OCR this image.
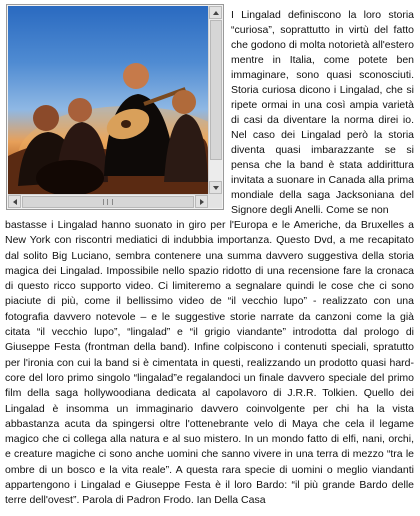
I Lingalad definiscono la loro storia “curiosa”, soprattutto in virtù del fatto che godono di molta notorietà all'estero mentre in Italia, come potete ben immaginare, sono quasi sconosciuti. Storia curiosa dicono i Lingalad, che si ripete ormai in una così ampia varietà di casi da diventare la norma direi io. Nel caso dei Lingalad però la storia diventa quasi imbarazzante se si pensa che la band è stata addirittura invitata a suonare in Canada alla prima mondiale della saga Jacksoniana del Signore degli Anelli. Come se non

bastasse i Lingalad hanno suonato in giro per l'Europa e le Americhe, da Bruxelles a New York con riscontri mediatici di indubbia importanza. Questo Dvd, a me recapitato dal solito Big Luciano, sembra contenere una summa davvero suggestiva della storia magica dei Lingalad. Impossibile nello spazio ridotto di una recensione fare la cronaca di questo ricco supporto video. Ci limiteremo a segnalare quindi le cose che ci sono piaciute di più, come il bellissimo video de “il vecchio lupo” - realizzato con una fotografia davvero notevole – e le suggestive storie narrate da canzoni come la già citata “il vecchio lupo”, “lingalad” e “il grigio viandante” introdotta dal prologo di Giuseppe Festa (frontman della band). Infine colpiscono i contenuti speciali, spratutto per l'ironia con cui la band si è cimentata in questi, realizzando un prodotto quasi hard-core del loro primo singolo “lingalad”e regalandoci un finale davvero speciale del primo film della saga hollywoodiana dedicata al capolavoro di J.R.R. Tolkien. Quello dei Lingalad è insomma un immaginario davvero coinvolgente per chi ha la vista abbastanza acuta da spingersi oltre l'ottenebrante velo di Maya che cela il legame magico che ci collega alla natura e al suo mistero. In un mondo fatto di elfi, nani, orchi, e creature magiche ci sono anche uomini che sanno vivere in una terra di mezzo “tra le ombre di un bosco e la vita reale”. A questa rara specie di uomini o meglio viandanti appartengono i Lingalad e Giuseppe Festa è il loro Bardo: “il più grande Bardo delle terre dell'ovest”. Parola di Padron Frodo. Ian Della Casa
